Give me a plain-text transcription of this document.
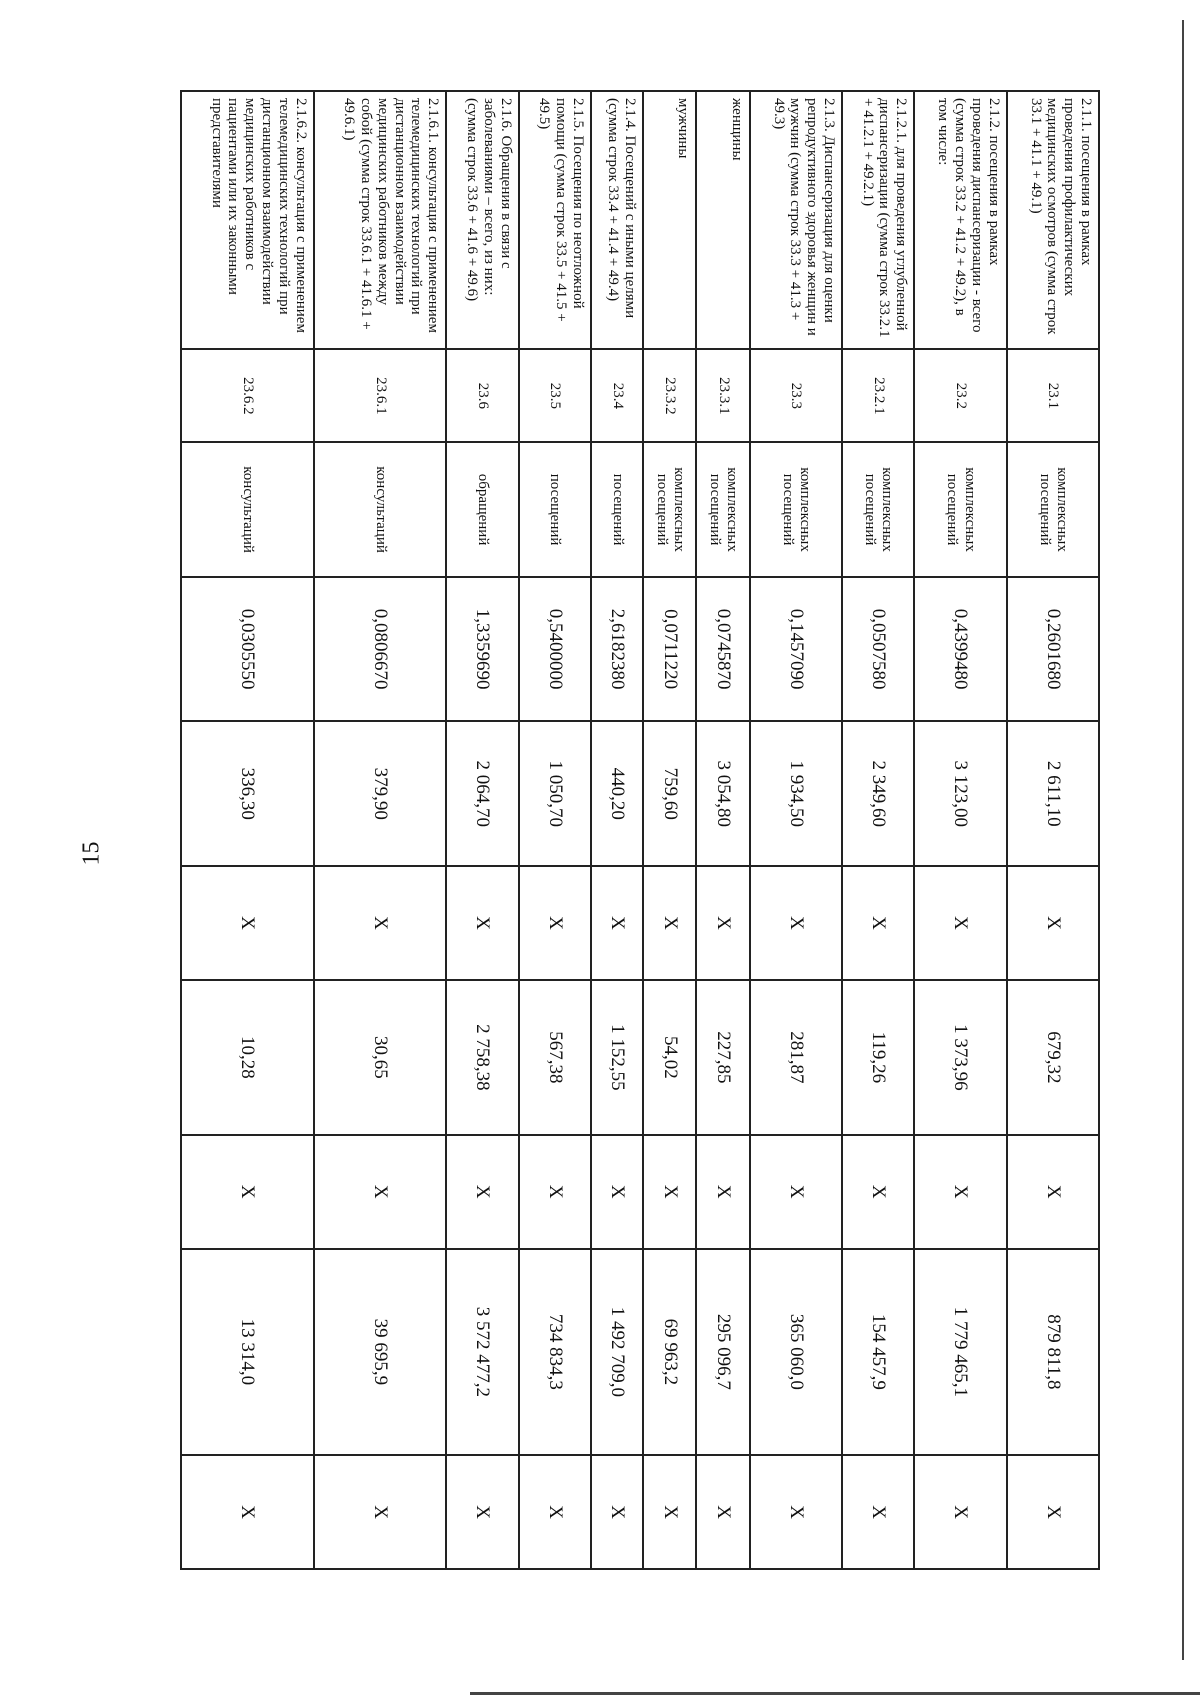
15
2.1.1. посещения в рамках проведения профилактических медицинских осмотров (сумма строк 33.1 + 41.1 + 49.1)	23.1	комплексных посещений	0,2601680	2 611,10	X	679,32	X	879 811,8	X
2.1.2. посещения в рамках проведения диспансеризации - всего (сумма строк 33.2 + 41.2 + 49.2), в том числе:	23.2	комплексных посещений	0,4399480	3 123,00	X	1 373,96	X	1 779 465,1	X
2.1.2.1. для проведения углубленной диспансеризации (сумма строк 33.2.1 + 41.2.1 + 49.2.1)	23.2.1	комплексных посещений	0,0507580	2 349,60	X	119,26	X	154 457,9	X
2.1.3. Диспансеризация для оценки репродуктивного здоровья женщин и мужчин (сумма строк 33.3 + 41.3 + 49.3)	23.3	комплексных посещений	0,1457090	1 934,50	X	281,87	X	365 060,0	X
женщины	23.3.1	комплексных посещений	0,0745870	3 054,80	X	227,85	X	295 096,7	X
мужчины	23.3.2	комплексных посещений	0,0711220	759,60	X	54,02	X	69 963,2	X
2.1.4. Посещений с иными целями (сумма строк 33.4 + 41.4 + 49.4)	23.4	посещений	2,6182380	440,20	X	1 152,55	X	1 492 709,0	X
2.1.5. Посещения по неотложной помощи (сумма строк 33.5 + 41.5 + 49.5)	23.5	посещений	0,5400000	1 050,70	X	567,38	X	734 834,3	X
2.1.6. Обращения в связи с заболеваниями – всего, из них: (сумма строк 33.6 + 41.6 + 49.6)	23.6	обращений	1,3359690	2 064,70	X	2 758,38	X	3 572 477,2	X
2.1.6.1. консультация с применением телемедицинских технологий при дистанционном взаимодействии медицинских работников между собой (сумма строк 33.6.1 + 41.6.1 + 49.6.1)	23.6.1	консультаций	0,0806670	379,90	X	30,65	X	39 695,9	X
2.1.6.2. консультация с применением телемедицинских технологий при дистанционном взаимодействии медицинских работников с пациентами или их законными представителями	23.6.2	консультаций	0,0305550	336,30	X	10,28	X	13 314,0	X
